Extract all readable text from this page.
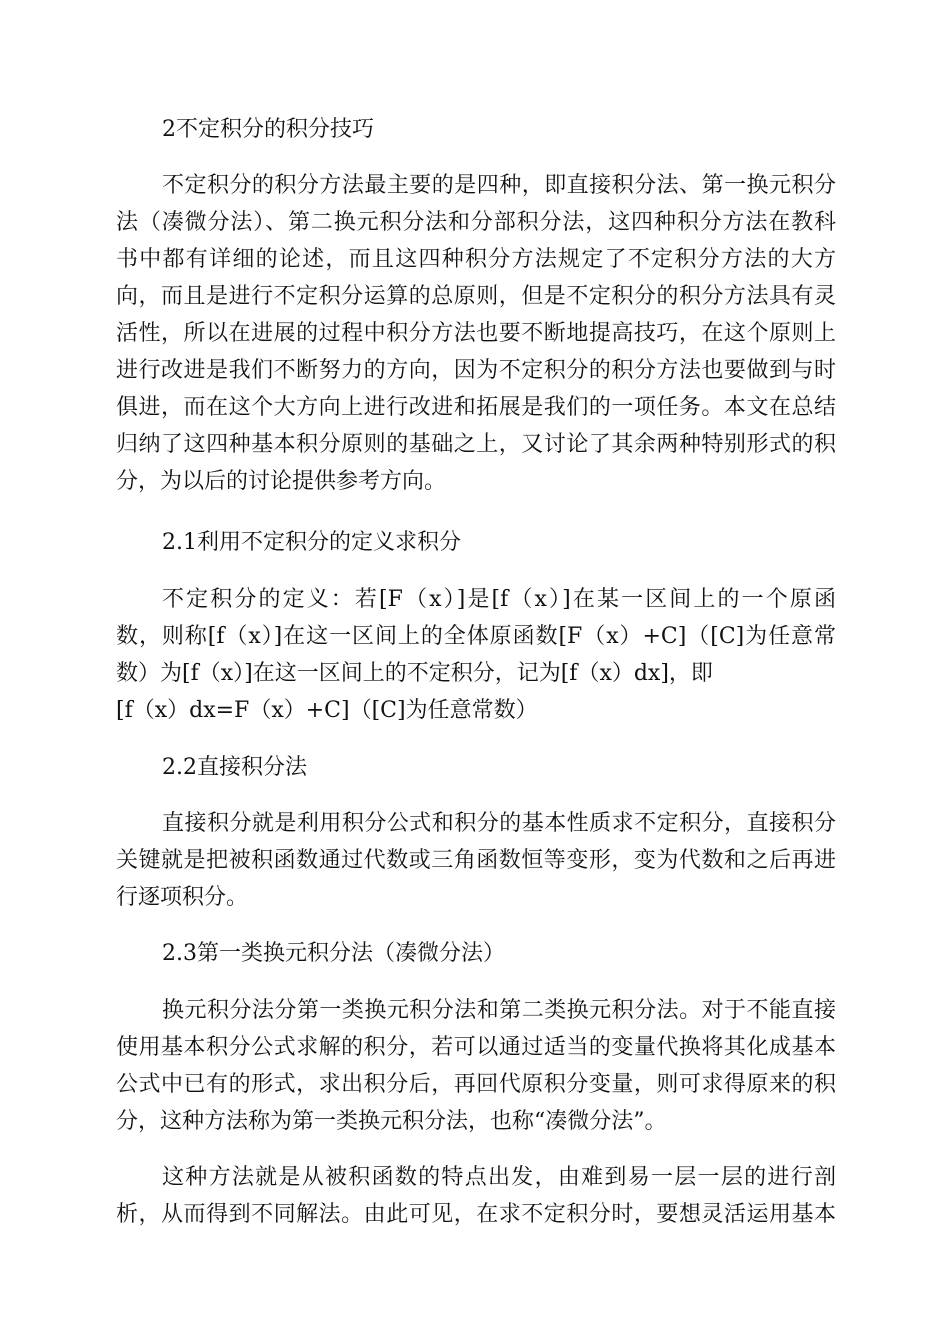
2不定积分的积分技巧
不定积分的积分方法最主要的是四种，即直接积分法、第一换元积分
法（凑微分法）、第二换元积分法和分部积分法，这四种积分方法在教科
书中都有详细的论述，而且这四种积分方法规定了不定积分方法的大方
向，而且是进行不定积分运算的总原则，但是不定积分的积分方法具有灵
活性，所以在进展的过程中积分方法也要不断地提高技巧，在这个原则上
进行改进是我们不断努力的方向，因为不定积分的积分方法也要做到与时
俱进，而在这个大方向上进行改进和拓展是我们的一项任务。本文在总结
归纳了这四种基本积分原则的基础之上，又讨论了其余两种特别形式的积
分，为以后的讨论提供参考方向。
2.1利用不定积分的定义求积分
不定积分的定义：若[F（x）]是[f（x）]在某一区间上的一个原函
数，则称[f（x）]在这一区间上的全体原函数[F（x）+C]（[C]为任意常
数）为[f（x）]在这一区间上的不定积分，记为[f（x）dx]，即
[f（x）dx=F（x）+C]（[C]为任意常数）
2.2直接积分法
直接积分就是利用积分公式和积分的基本性质求不定积分，直接积分
关键就是把被积函数通过代数或三角函数恒等变形，变为代数和之后再进
行逐项积分。
2.3第一类换元积分法（凑微分法）
换元积分法分第一类换元积分法和第二类换元积分法。对于不能直接
使用基本积分公式求解的积分，若可以通过适当的变量代换将其化成基本
公式中已有的形式，求出积分后，再回代原积分变量，则可求得原来的积
分，这种方法称为第一类换元积分法，也称“凑微分法”。
这种方法就是从被积函数的特点出发，由难到易一层一层的进行剖
析，从而得到不同解法。由此可见，在求不定积分时，要想灵活运用基本
